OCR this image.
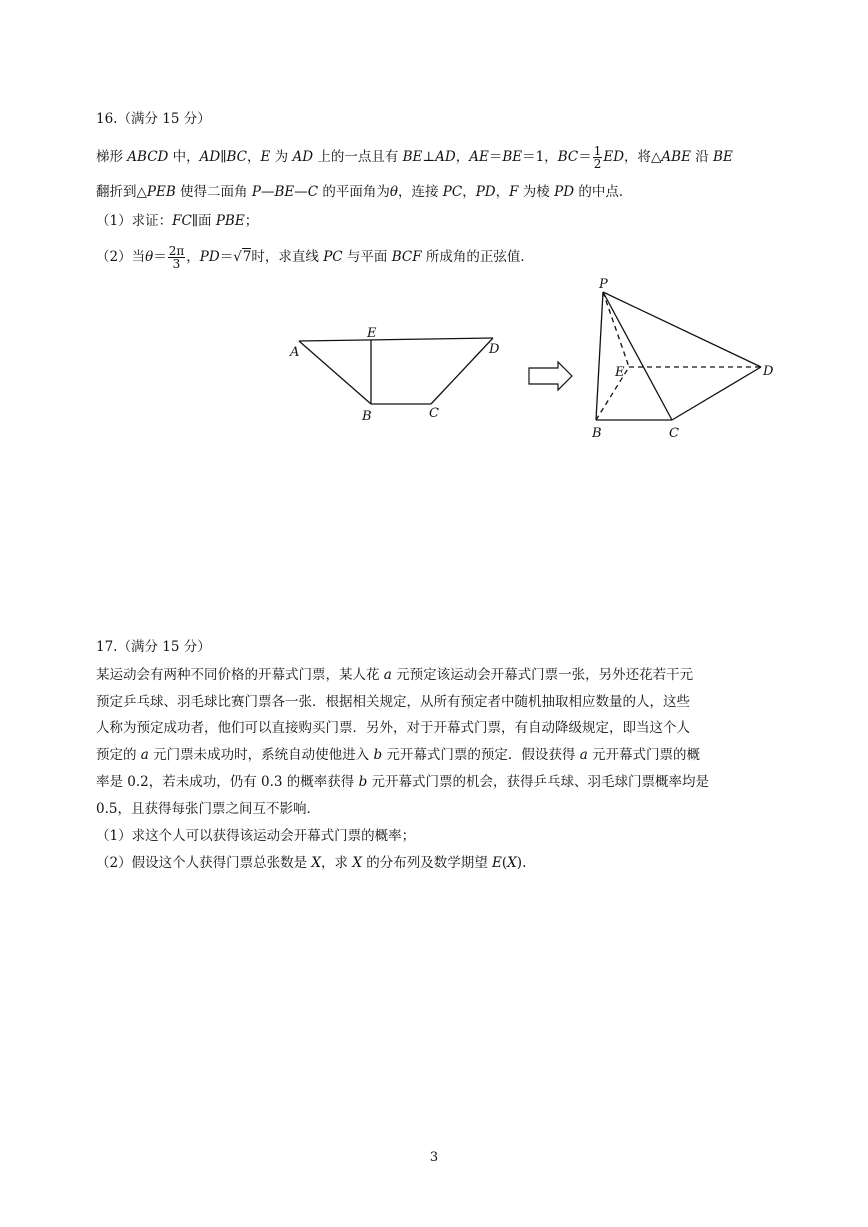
16.（满分 15 分）
梯形 ABCD 中，AD∥BC，E 为 AD 上的一点且有 BE⊥AD，AE＝BE＝1，$BC= \frac{1}{2}$ ED，将△ABE 沿 BE
翻折到△PEB 使得二面角 P—BE—C 的平面角为θ，连接 PC，PD，F 为棱 PD 的中点．
（1）求证：FC∥面 PBE；
（2）当$\theta= \frac{2\pi}{3}$ ，PD＝√7时，求直线 PC 与平面 BCF 所成角的正弦值．
A
E
D
B	C
P
E	D
B	C
17.（满分 15 分）
某运动会有两种不同价格的开幕式门票，某人花 a 元预定该运动会开幕式门票一张，另外还花若干元
预定乒乓球、羽毛球比赛门票各一张．根据相关规定，从所有预定者中随机抽取相应数量的人，这些
人称为预定成功者，他们可以直接购买门票．另外，对于开幕式门票，有自动降级规定，即当这个人
预定的 a 元门票未成功时，系统自动使他进入 b 元开幕式门票的预定．假设获得 a 元开幕式门票的概
率是 0.2，若未成功，仍有 0.3 的概率获得 b 元开幕式门票的机会，获得乒乓球、羽毛球门票概率均是
0.5，且获得每张门票之间互不影响．
（1）求这个人可以获得该运动会开幕式门票的概率；
（2）假设这个人获得门票总张数是 X，求 X 的分布列及数学期望 E(X).
3
